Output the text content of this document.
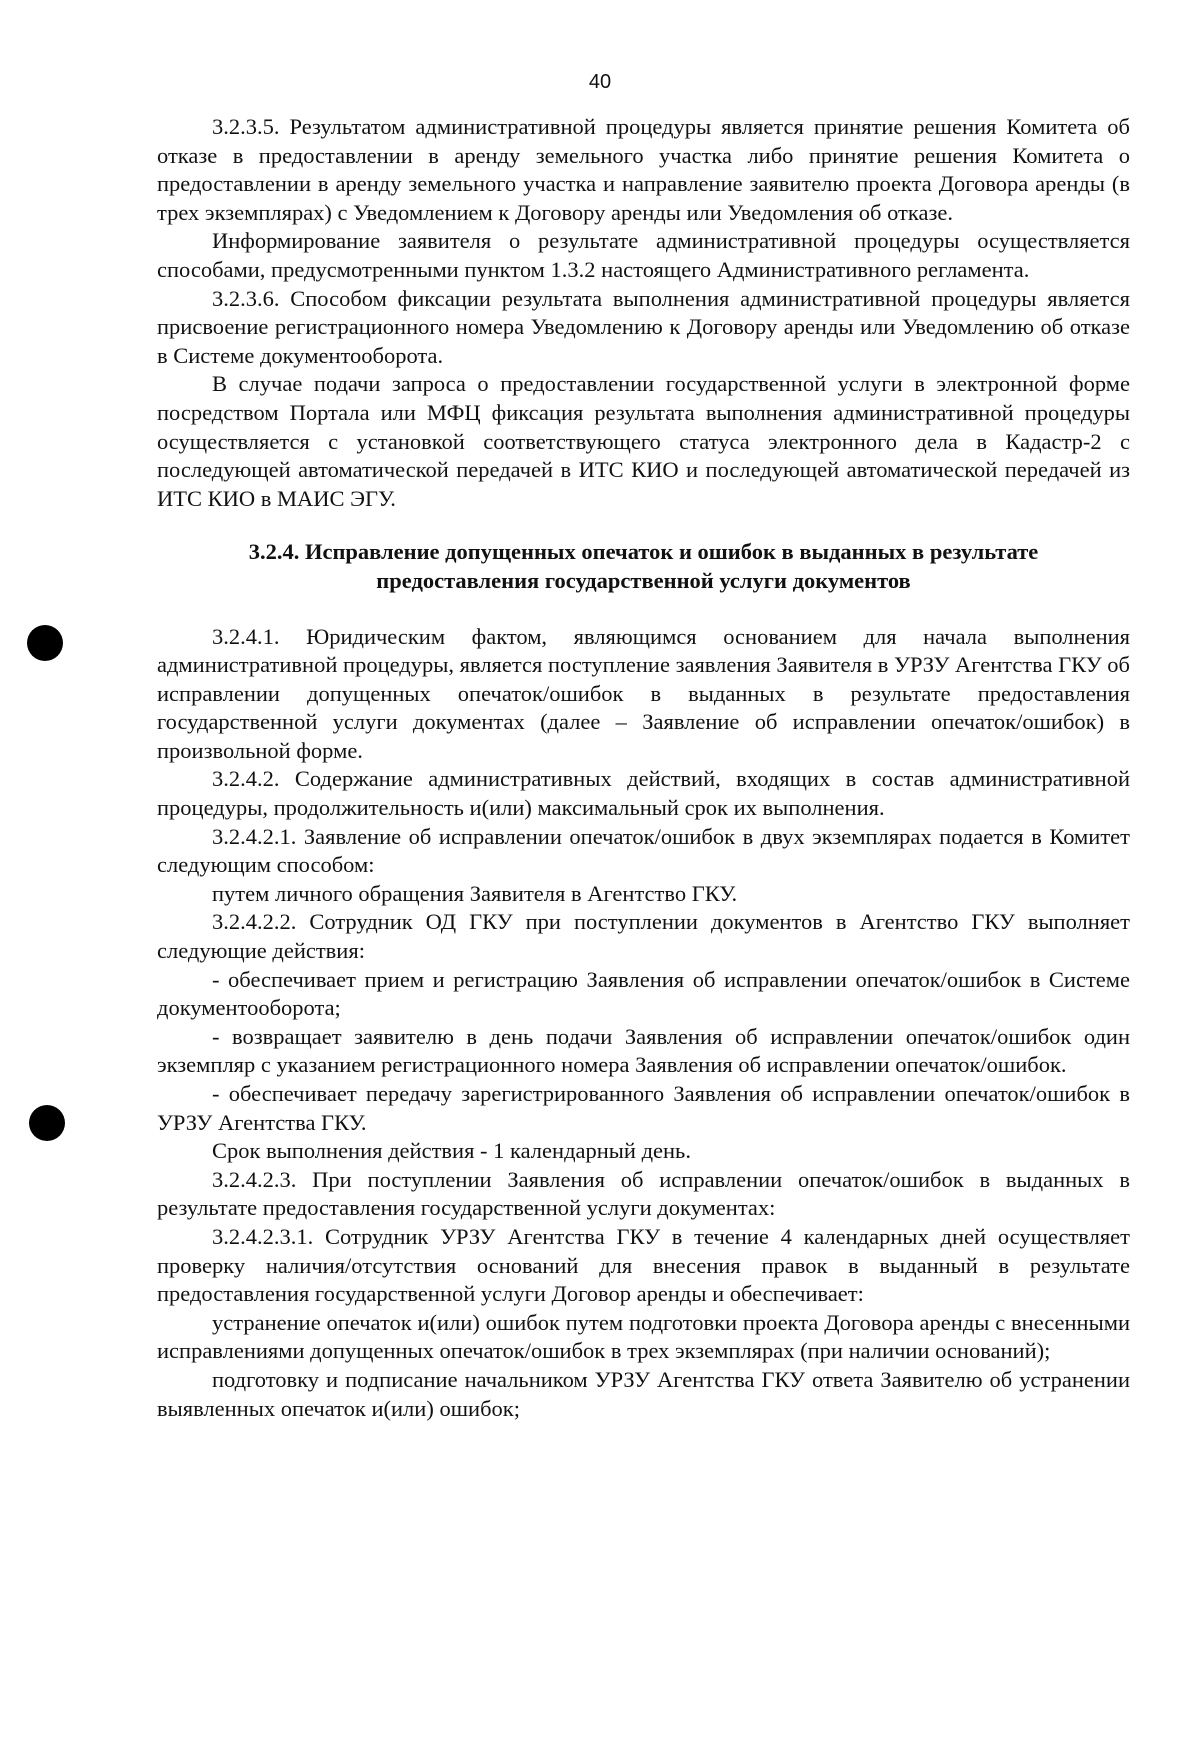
40

3.2.3.5. Результатом административной процедуры является принятие решения Комитета об отказе в предоставлении в аренду земельного участка либо принятие решения Комитета о предоставлении в аренду земельного участка и направление заявителю проекта Договора аренды (в трех экземплярах) с Уведомлением к Договору аренды или Уведомления об отказе.

Информирование заявителя о результате административной процедуры осуществляется способами, предусмотренными пунктом 1.3.2 настоящего Административного регламента.

3.2.3.6. Способом фиксации результата выполнения административной процедуры является присвоение регистрационного номера Уведомлению к Договору аренды или Уведомлению об отказе в Системе документооборота.

В случае подачи запроса о предоставлении государственной услуги в электронной форме посредством Портала или МФЦ фиксация результата выполнения административной процедуры осуществляется с установкой соответствующего статуса электронного дела в Кадастр-2 с последующей автоматической передачей в ИТС КИО и последующей автоматической передачей из ИТС КИО в МАИС ЭГУ.

3.2.4. Исправление допущенных опечаток и ошибок в выданных в результате
предоставления государственной услуги документов

3.2.4.1. Юридическим фактом, являющимся основанием для начала выполнения административной процедуры, является поступление заявления Заявителя в УРЗУ Агентства ГКУ об исправлении допущенных опечаток/ошибок в выданных в результате предоставления государственной услуги документах (далее – Заявление об исправлении опечаток/ошибок) в произвольной форме.

3.2.4.2. Содержание административных действий, входящих в состав административной процедуры, продолжительность и(или) максимальный срок их выполнения.

3.2.4.2.1. Заявление об исправлении опечаток/ошибок в двух экземплярах подается в Комитет следующим способом:

путем личного обращения Заявителя в Агентство ГКУ.

3.2.4.2.2. Сотрудник ОД ГКУ при поступлении документов в Агентство ГКУ выполняет следующие действия:

- обеспечивает прием и регистрацию Заявления об исправлении опечаток/ошибок в Системе документооборота;

- возвращает заявителю в день подачи Заявления об исправлении опечаток/ошибок один экземпляр с указанием регистрационного номера Заявления об исправлении опечаток/ошибок.

- обеспечивает передачу зарегистрированного Заявления об исправлении опечаток/ошибок в УРЗУ Агентства ГКУ.

Срок выполнения действия - 1 календарный день.

3.2.4.2.3. При поступлении Заявления об исправлении опечаток/ошибок в выданных в результате предоставления государственной услуги документах:

3.2.4.2.3.1. Сотрудник УРЗУ Агентства ГКУ в течение 4 календарных дней осуществляет проверку наличия/отсутствия оснований для внесения правок в выданный в результате предоставления государственной услуги Договор аренды и обеспечивает:

устранение опечаток и(или) ошибок путем подготовки проекта Договора аренды с внесенными исправлениями допущенных опечаток/ошибок в трех экземплярах (при наличии оснований);

подготовку и подписание начальником УРЗУ Агентства ГКУ ответа Заявителю об устранении выявленных опечаток и(или) ошибок;
